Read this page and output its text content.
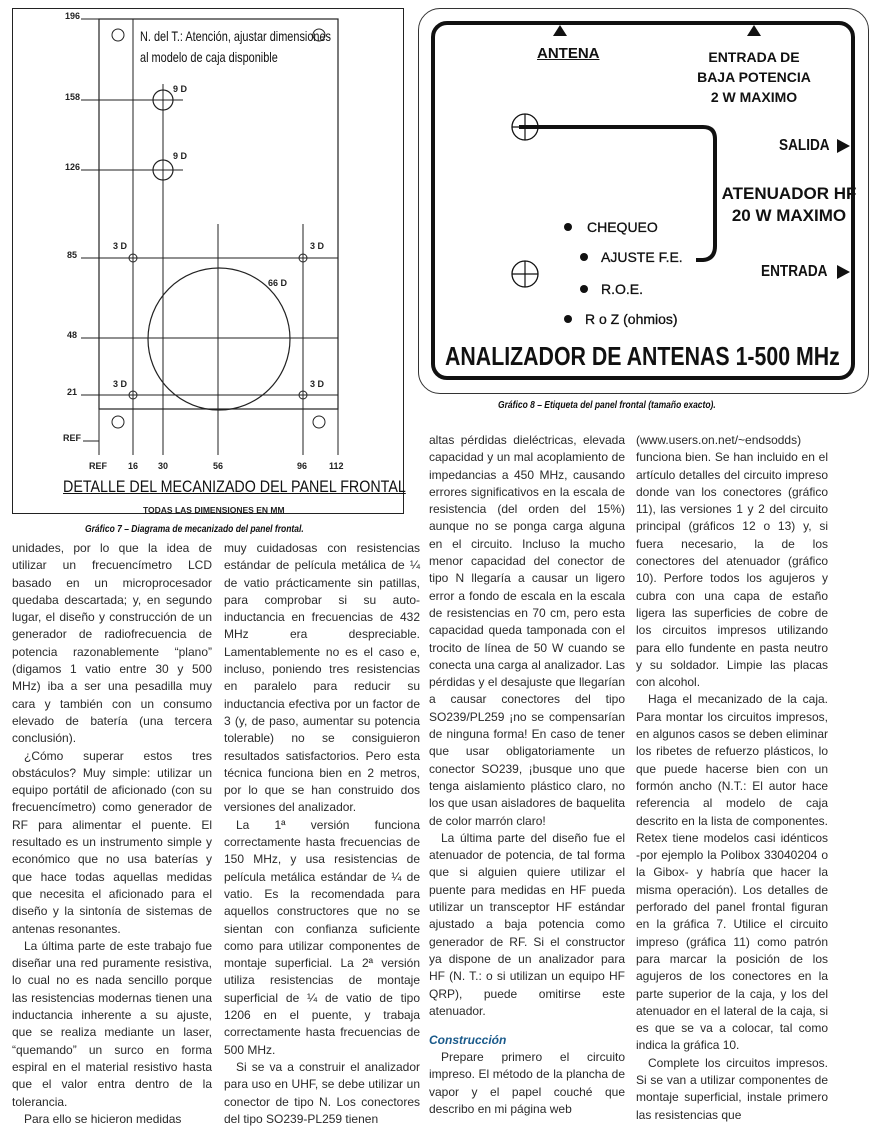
N. del T.: Atención, ajustar dimensiones
al modelo de caja disponible
196
158
126
85
48
21
REF
REF 16 30	56	96 112
9 D
9 D
3 D	3 D
3 D	3 D
66 D
DETALLE DEL MECANIZADO DEL PANEL FRONTAL
TODAS LAS DIMENSIONES EN MM
Gráfico 7 – Diagrama de mecanizado del panel frontal.
ANTENA	ENTRADA DE
BAJA POTENCIA
2 W MAXIMO
SALIDA
ATENUADOR HF
20 W MAXIMO
ENTRADA
CHEQUEO
AJUSTE F.E.
R.O.E.
R o Z (ohmios)
ANALIZADOR DE ANTENAS 1-500 MHz
Gráfico 8 – Etiqueta del panel frontal (tamaño exacto).

unidades, por lo que la idea de utilizar un frecuencímetro LCD basado en un microprocesador quedaba descartada; y, en segundo lugar, el diseño y construcción de un generador de radiofrecuencia de potencia razonablemente “plano” (digamos 1 vatio entre 30 y 500 MHz) iba a ser una pesadilla muy cara y también con un consumo elevado de batería (una tercera conclusión).

¿Cómo superar estos tres obstáculos? Muy simple: utilizar un equipo portátil de aficionado (con su frecuencímetro) como generador de RF para alimentar el puente. El resultado es un instrumento simple y económico que no usa baterías y que hace todas aquellas medidas que necesita el aficionado para el diseño y la sintonía de sistemas de antenas resonantes.

La última parte de este trabajo fue diseñar una red puramente resistiva, lo cual no es nada sencillo porque las resistencias modernas tienen una inductancia inherente a su ajuste, que se realiza mediante un laser, “quemando” un surco en forma espiral en el material resistivo hasta que el valor entra dentro de la tolerancia.

Para ello se hicieron medidas

muy cuidadosas con resistencias estándar de película metálica de ¼ de vatio prácticamente sin patillas, para comprobar si su auto-inductancia en frecuencias de 432 MHz era despreciable. Lamentablemente no es el caso e, incluso, poniendo tres resistencias en paralelo para reducir su inductancia efectiva por un factor de 3 (y, de paso, aumentar su potencia tolerable) no se consiguieron resultados satisfactorios. Pero esta técnica funciona bien en 2 metros, por lo que se han construido dos versiones del analizador.

La 1ª versión funciona correctamente hasta frecuencias de 150 MHz, y usa resistencias de película metálica estándar de ¼ de vatio. Es la recomendada para aquellos constructores que no se sientan con confianza suficiente como para utilizar componentes de montaje superficial. La 2ª versión utiliza resistencias de montaje superficial de ¼ de vatio de tipo 1206 en el puente, y trabaja correctamente hasta frecuencias de 500 MHz.

Si se va a construir el analizador para uso en UHF, se debe utilizar un conector de tipo N. Los conectores del tipo SO239-PL259 tienen

altas pérdidas dieléctricas, elevada capacidad y un mal acoplamiento de impedancias a 450 MHz, causando errores significativos en la escala de resistencia (del orden del 15%) aunque no se ponga carga alguna en el circuito. Incluso la mucho menor capacidad del conector de tipo N llegaría a causar un ligero error a fondo de escala en la escala de resistencias en 70 cm, pero esta capacidad queda tamponada con el trocito de línea de 50 W cuando se conecta una carga al analizador. Las pérdidas y el desajuste que llegarían a causar conectores del tipo SO239/PL259 ¡no se compensarían de ninguna forma! En caso de tener que usar obligatoriamente un conector SO239, ¡busque uno que tenga aislamiento plástico claro, no los que usan aisladores de baquelita de color marrón claro!

La última parte del diseño fue el atenuador de potencia, de tal forma que si alguien quiere utilizar el puente para medidas en HF pueda utilizar un transceptor HF estándar ajustado a baja potencia como generador de RF. Si el constructor ya dispone de un analizador para HF (N. T.: o si utilizan un equipo HF QRP), puede omitirse este atenuador.

Construcción

Prepare primero el circuito impreso. El método de la plancha de vapor y el papel couché que describo en mi página web

(www.users.on.net/~endsodds) funciona bien. Se han incluido en el artículo detalles del circuito impreso donde van los conectores (gráfico 11), las versiones 1 y 2 del circuito principal (gráficos 12 o 13) y, si fuera necesario, la de los conectores del atenuador (gráfico 10). Perfore todos los agujeros y cubra con una capa de estaño ligera las superficies de cobre de los circuitos impresos utilizando para ello fundente en pasta neutro y su soldador. Limpie las placas con alcohol.

Haga el mecanizado de la caja. Para montar los circuitos impresos, en algunos casos se deben eliminar los ribetes de refuerzo plásticos, lo que puede hacerse bien con un formón ancho (N.T.: El autor hace referencia al modelo de caja descrito en la lista de componentes. Retex tiene modelos casi idénticos -por ejemplo la Polibox 33040204 o la Gibox- y habría que hacer la misma operación). Los detalles de perforado del panel frontal figuran en la gráfica 7. Utilice el circuito impreso (gráfica 11) como patrón para marcar la posición de los agujeros de los conectores en la parte superior de la caja, y los del atenuador en el lateral de la caja, si es que se va a colocar, tal como indica la gráfica 10.

Complete los circuitos impresos. Si se van a utilizar componentes de montaje superficial, instale primero las resistencias que
